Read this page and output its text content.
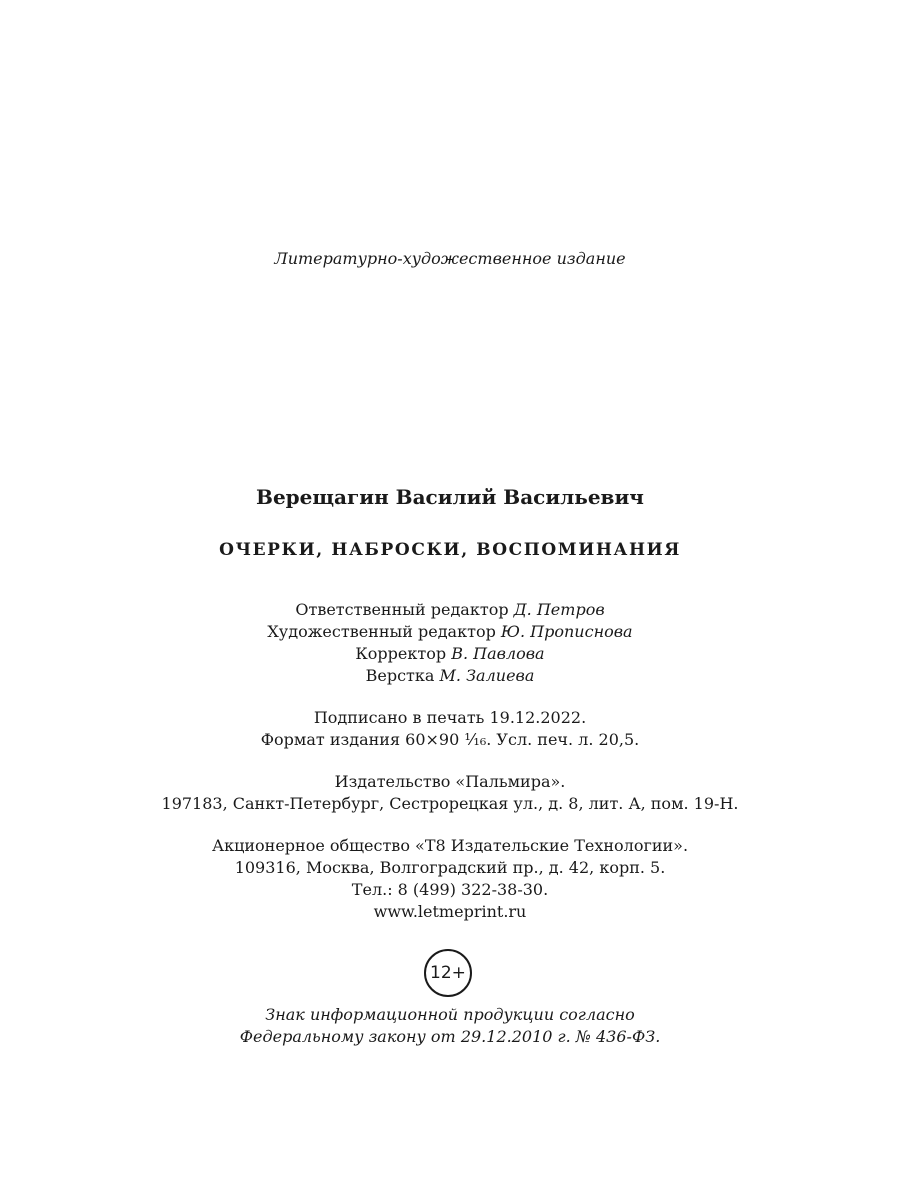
Литературно-художественное издание
Верещагин Василий Васильевич
ОЧЕРКИ, НАБРОСКИ, ВОСПОМИНАНИЯ
Ответственный редактор Д. Петров
Художественный редактор Ю. Прописнова
Корректор В. Павлова
Верстка М. Залиева
Подписано в печать 19.12.2022.
Формат издания 60×90 ¹⁄₁₆. Усл. печ. л. 20,5.
Издательство «Пальмира».
197183, Санкт-Петербург, Сестрорецкая ул., д. 8, лит. А, пом. 19-Н.
Акционерное общество «Т8 Издательские Технологии».
109316, Москва, Волгоградский пр., д. 42, корп. 5.
Тел.: 8 (499) 322-38-30.
www.letmeprint.ru
12+
Знак информационной продукции согласно
Федеральному закону от 29.12.2010 г. № 436-ФЗ.
